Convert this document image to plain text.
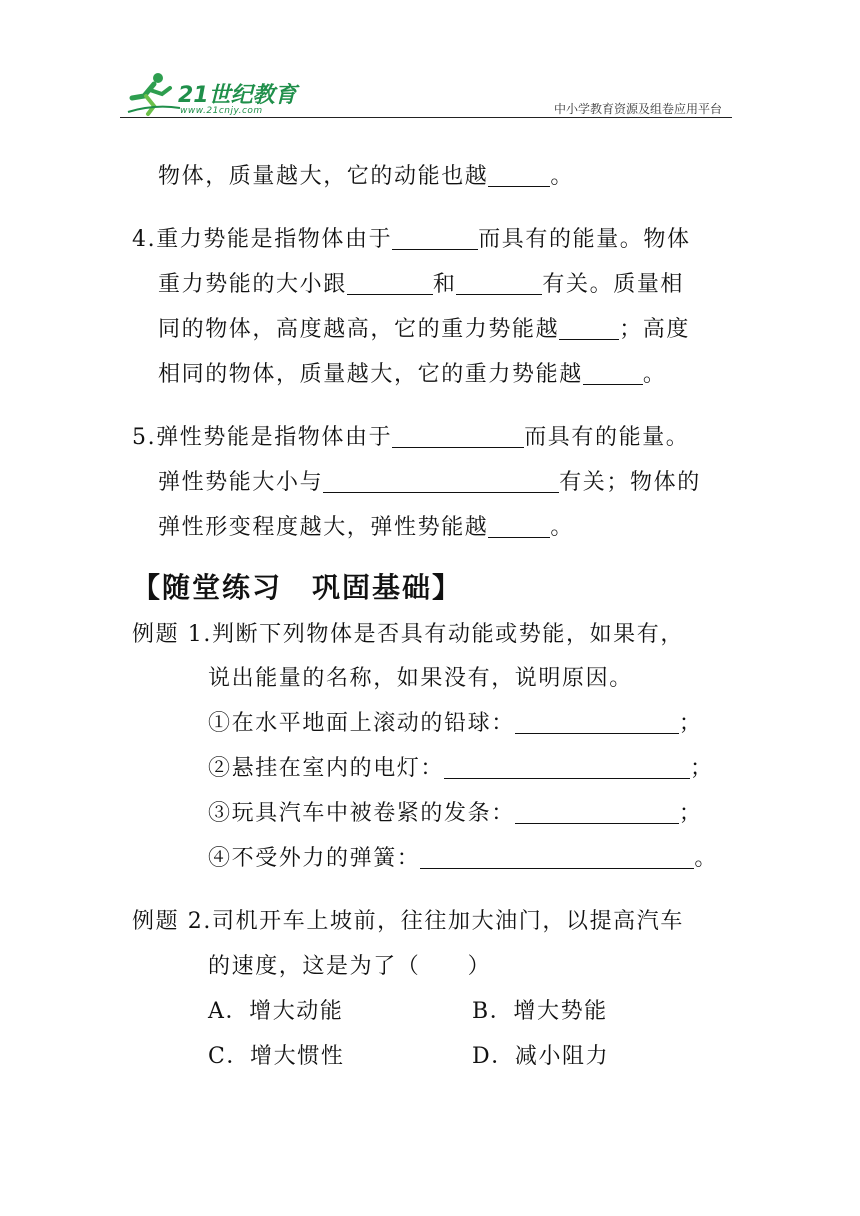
21世纪教育
www.21cnjy.com	中小学教育资源及组卷应用平台
物体，质量越大，它的动能也越	。
4.重力势能是指物体由于	而具有的能量。物体
重力势能的大小跟	和	有关。质量相
同的物体，高度越高，它的重力势能越	；高度
相同的物体，质量越大，它的重力势能越	。
5.弹性势能是指物体由于	而具有的能量。
弹性势能大小与	有关；物体的
弹性形变程度越大，弹性势能越	。
【随堂练习　巩固基础】
例题 1.判断下列物体是否具有动能或势能，如果有，
说出能量的名称，如果没有，说明原因。
①在水平地面上滚动的铅球：	；
②悬挂在室内的电灯：	；
③玩具汽车中被卷紧的发条：	；
④不受外力的弹簧：	。
例题 2.司机开车上坡前，往往加大油门，以提高汽车
的速度，这是为了（　　）
A．增大动能	B．增大势能
C．增大惯性	D．减小阻力
